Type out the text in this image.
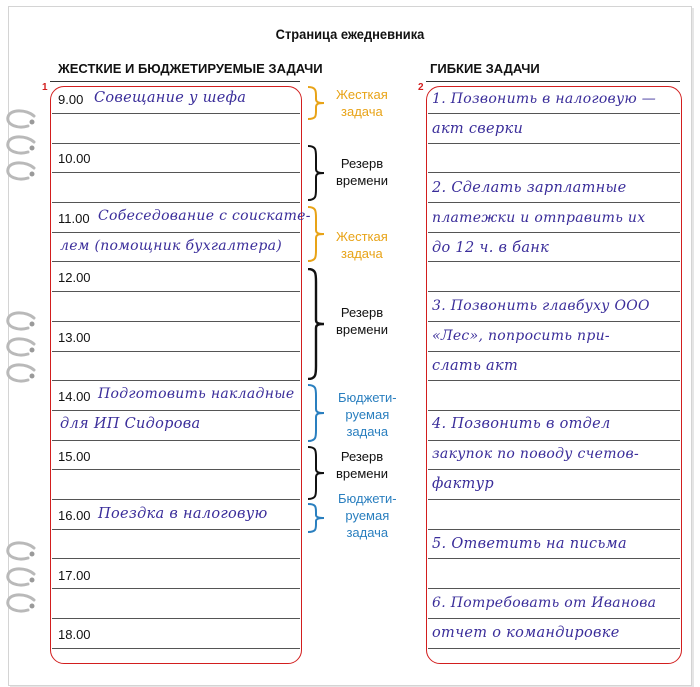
Страница ежедневника
ЖЕСТКИЕ И БЮДЖЕТИРУЕМЫЕ ЗАДАЧИ	ГИБКИЕ ЗАДАЧИ
1	2
9.00
10.00
11.00
12.00
13.00
14.00
15.00
16.00
17.00
18.00
Совещание у шефа
Собеседование с соискате-
лем (помощник бухгалтера)
Подготовить накладные
для ИП Сидорова
Поездка в налоговую
Жесткая
задача
Резерв
времени
Жесткая
задача
Резерв
времени
Бюджети-
руемая
задача
Резерв
времени
Бюджети-
руемая
задача
1. Позвонить в налоговую —
акт сверки
2. Сделать зарплатные
платежки и отправить их
до 12 ч. в банк
3. Позвонить главбуху ООО
«Лес», попросить при-
слать акт
4. Позвонить в отдел
закупок по поводу счетов-
фактур
5. Ответить на письма
6. Потребовать от Иванова
отчет о командировке
